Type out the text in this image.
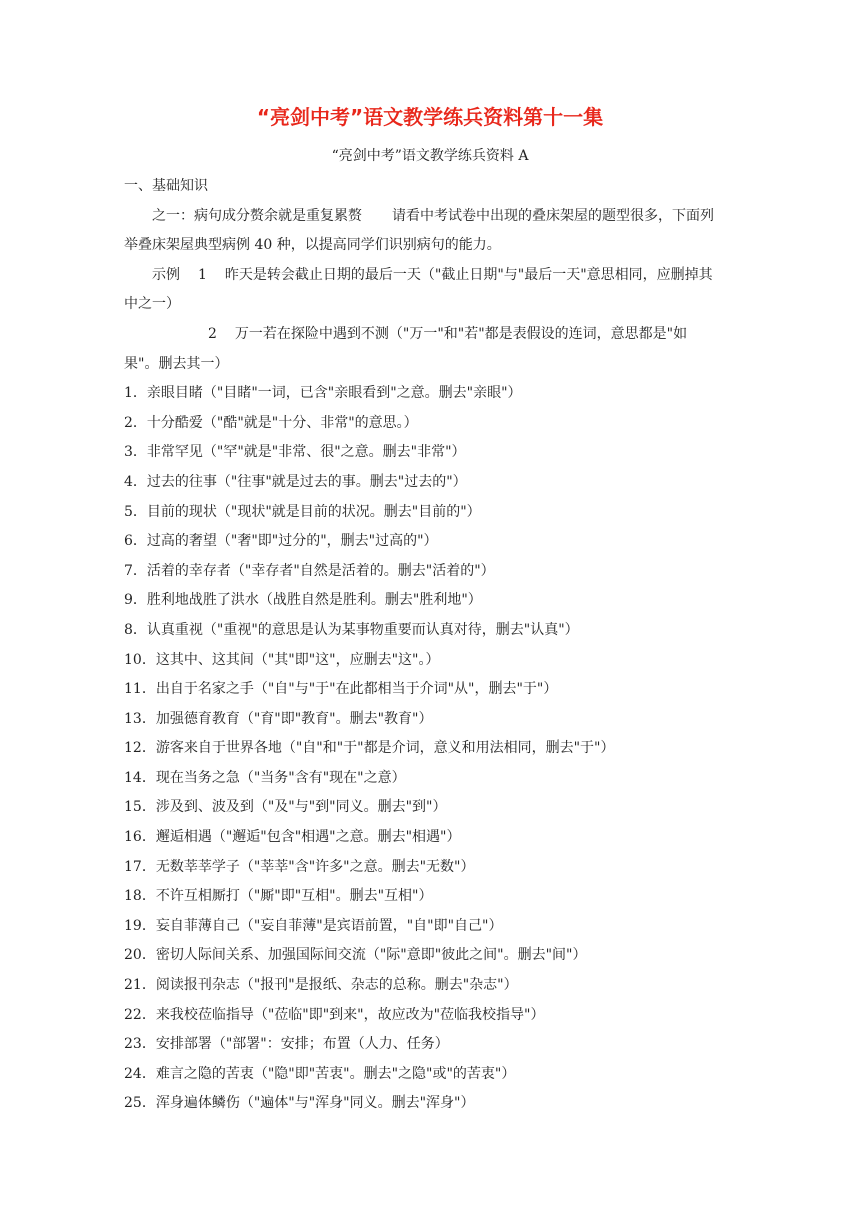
“亮剑中考”语文教学练兵资料第十一集
“亮剑中考”语文教学练兵资料 A

一、基础知识

之一：病句成分赘余就是重复累赘 请看中考试卷中出现的叠床架屋的题型很多，下面列举叠床架屋典型病例 40 种，以提高同学们识别病句的能力。

示例 1 昨天是转会截止日期的最后一天（"截止日期"与"最后一天"意思相同，应删掉其中之一）

2 万一若在探险中遇到不测（"万一"和"若"都是表假设的连词，意思都是"如果"。删去其一）

1．亲眼目睹（"目睹"一词，已含"亲眼看到"之意。删去"亲眼"）

2．十分酷爱（"酷"就是"十分、非常"的意思。）

3．非常罕见（"罕"就是"非常、很"之意。删去"非常"）

4．过去的往事（"往事"就是过去的事。删去"过去的"）

5．目前的现状（"现状"就是目前的状况。删去"目前的"）

6．过高的奢望（"奢"即"过分的"，删去"过高的"）

7．活着的幸存者（"幸存者"自然是活着的。删去"活着的"）

9．胜利地战胜了洪水（战胜自然是胜利。删去"胜利地"）

8．认真重视（"重视"的意思是认为某事物重要而认真对待，删去"认真"）

10．这其中、这其间（"其"即"这"，应删去"这"。）

11．出自于名家之手（"自"与"于"在此都相当于介词"从"，删去"于"）

13．加强德育教育（"育"即"教育"。删去"教育"）

12．游客来自于世界各地（"自"和"于"都是介词，意义和用法相同，删去"于"）

14．现在当务之急（"当务"含有"现在"之意）

15．涉及到、波及到（"及"与"到"同义。删去"到"）

16．邂逅相遇（"邂逅"包含"相遇"之意。删去"相遇"）

17．无数莘莘学子（"莘莘"含"许多"之意。删去"无数"）

18．不许互相厮打（"厮"即"互相"。删去"互相"）

19．妄自菲薄自己（"妄自菲薄"是宾语前置，"自"即"自己"）

20．密切人际间关系、加强国际间交流（"际"意即"彼此之间"。删去"间"）

21．阅读报刊杂志（"报刊"是报纸、杂志的总称。删去"杂志"）

22．来我校莅临指导（"莅临"即"到来"，故应改为"莅临我校指导"）

23．安排部署（"部署"：安排；布置（人力、任务）

24．难言之隐的苦衷（"隐"即"苦衷"。删去"之隐"或"的苦衷"）

25．浑身遍体鳞伤（"遍体"与"浑身"同义。删去"浑身"）
